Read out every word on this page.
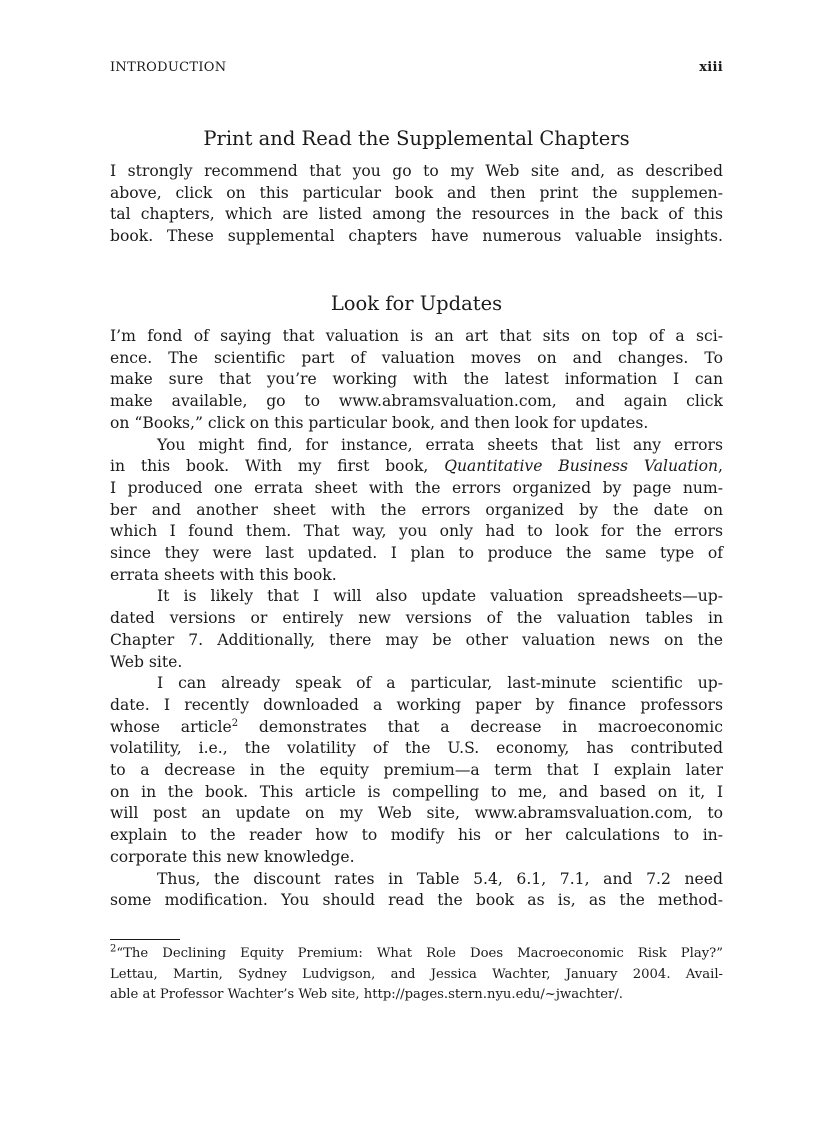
INTRODUCTION	xiii
Print and Read the Supplemental Chapters

I strongly recommend that you go to my Web site and, as described
above, click on this particular book and then print the supplemen-
tal chapters, which are listed among the resources in the back of this
book. These supplemental chapters have numerous valuable insights.

Look for Updates
I’m fond of saying that valuation is an art that sits on top of a sci-
ence. The scientific part of valuation moves on and changes. To
make sure that you’re working with the latest information I can
make available, go to www.abramsvaluation.com, and again click
on “Books,” click on this particular book, and then look for updates.
You might find, for instance, errata sheets that list any errors
in this book. With my first book, Quantitative Business Valuation,
I produced one errata sheet with the errors organized by page num-
ber and another sheet with the errors organized by the date on
which I found them. That way, you only had to look for the errors
since they were last updated. I plan to produce the same type of
errata sheets with this book.
It is likely that I will also update valuation spreadsheets—up-
dated versions or entirely new versions of the valuation tables in
Chapter 7. Additionally, there may be other valuation news on the
Web site.
I can already speak of a particular, last-minute scientific up-
date. I recently downloaded a working paper by finance professors
whose article$^2$ demonstrates that a decrease in macroeconomic
volatility, i.e., the volatility of the U.S. economy, has contributed
to a decrease in the equity premium—a term that I explain later
on in the book. This article is compelling to me, and based on it, I
will post an update on my Web site, www.abramsvaluation.com, to
explain to the reader how to modify his or her calculations to in-
corporate this new knowledge.
Thus, the discount rates in Table 5.4, 6.1, 7.1, and 7.2 need
some modification. You should read the book as is, as the method-
$^2$“The Declining Equity Premium: What Role Does Macroeconomic Risk Play?”
Lettau, Martin, Sydney Ludvigson, and Jessica Wachter, January 2004. Avail-
able at Professor Wachter’s Web site, http://pages.stern.nyu.edu/~jwachter/.
